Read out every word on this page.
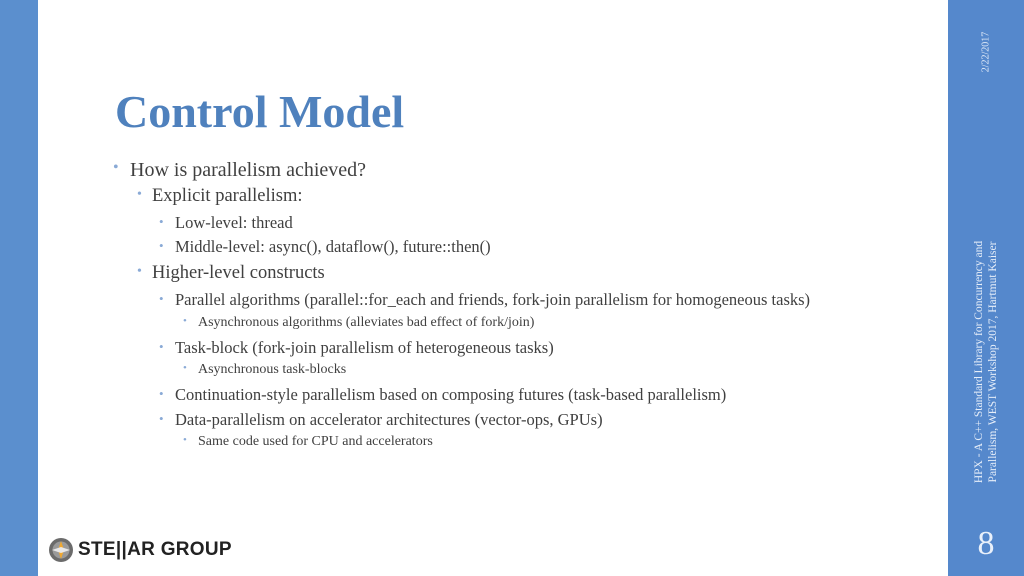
2/22/2017
HPX - A C++ Standard Library for Concurrency and Parallelism, WEST Workshop 2017, Hartmut Kaiser
8
Control Model
• How is parallelism achieved?
• Explicit parallelism:
• Low-level: thread
• Middle-level: async(), dataflow(), future::then()
• Higher-level constructs
• Parallel algorithms (parallel::for_each and friends, fork-join parallelism for homogeneous tasks)
• Asynchronous algorithms (alleviates bad effect of fork/join)
• Task-block (fork-join parallelism of heterogeneous tasks)
• Asynchronous task-blocks
• Continuation-style parallelism based on composing futures (task-based parallelism)
• Data-parallelism on accelerator architectures (vector-ops, GPUs)
• Same code used for CPU and accelerators
STE||AR GROUP
